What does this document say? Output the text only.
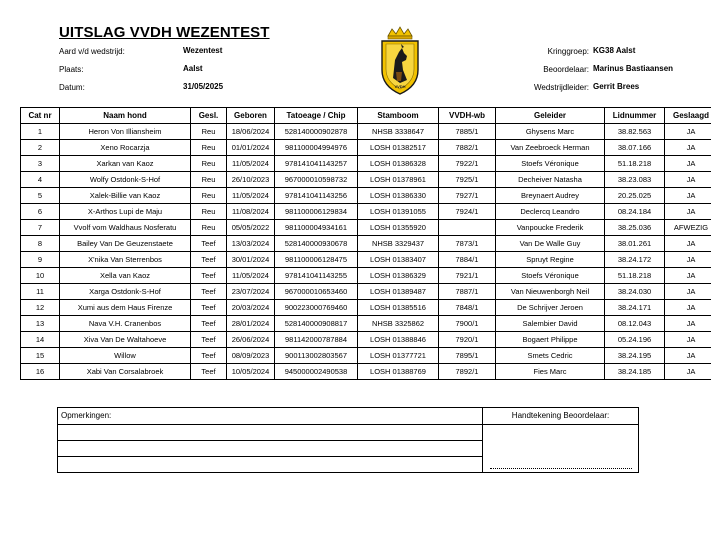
UITSLAG VVDH WEZENTEST
Aard v/d wedstrijd:	Wezentest
Plaats:	Aalst
Datum:	31/05/2025	VVDH
Kringgroep: KG38 Aalst
Beoordelaar: Marinus Bastiaansen
Wedstrijdleider: Gerrit Brees
Cat nr	Naam hond	Gesl.	Geboren	Tatoeage / Chip	Stamboom	VVDH-wb	Geleider	Lidnummer	Geslaagd
1	Heron Von Illiansheim	Reu	18/06/2024	528140000902878	NHSB 3338647	7885/1	Ghysens Marc	38.82.563	JA
2	Xeno Rocarzja	Reu	01/01/2024	981100004994976	LOSH 01382517	7882/1	Van Zeebroeck Herman	38.07.166	JA
3	Xarkan van Kaoz	Reu	11/05/2024	978141041143257	LOSH 01386328	7922/1	Stoefs Véronique	51.18.218	JA
4	Wolfy Ostdonk-S-Hof	Reu	26/10/2023	967000010598732	LOSH 01378961	7925/1	Decheiver Natasha	38.23.083	JA
5	Xalek-Billie van Kaoz	Reu	11/05/2024	978141041143256	LOSH 01386330	7927/1	Breynaert Audrey	20.25.025	JA
6	X-Arthos Lupi de Maju	Reu	11/08/2024	981100006129834	LOSH 01391055	7924/1	Declercq Leandro	08.24.184	JA
7	Vvolf vom Waldhaus Nosferatu	Reu	05/05/2022	981100004934161	LOSH 01355920		Vanpoucke Frederik	38.25.036	AFWEZIG
8	Bailey Van De Geuzenstaete	Teef	13/03/2024	528140000930678	NHSB 3329437	7873/1	Van De Walle Guy	38.01.261	JA
9	X'nika Van Sterrenbos	Teef	30/01/2024	981100006128475	LOSH 01383407	7884/1	Spruyt Regine	38.24.172	JA
10	Xella van Kaoz	Teef	11/05/2024	978141041143255	LOSH 01386329	7921/1	Stoefs Véronique	51.18.218	JA
11	Xarga Ostdonk-S-Hof	Teef	23/07/2024	967000010653460	LOSH 01389487	7887/1	Van Nieuwenborgh Neil	38.24.030	JA
12	Xumi aus dem Haus Firenze	Teef	20/03/2024	900223000769460	LOSH 01385516	7848/1	De Schrijver Jeroen	38.24.171	JA
13	Nava V.H. Cranenbos	Teef	28/01/2024	528140000908817	NHSB 3325862	7900/1	Salembier David	08.12.043	JA
14	Xiva Van De Waltahoeve	Teef	26/06/2024	981142000787884	LOSH 01388846	7920/1	Bogaert Philippe	05.24.196	JA
15	Willow	Teef	08/09/2023	900113002803567	LOSH 01377721	7895/1	Smets Cedric	38.24.195	JA
16	Xabi Van Corsalabroek	Teef	10/05/2024	945000002490538	LOSH 01388769	7892/1	Fies Marc	38.24.185	JA
Opmerkingen:	Handtekening Beoordelaar:
